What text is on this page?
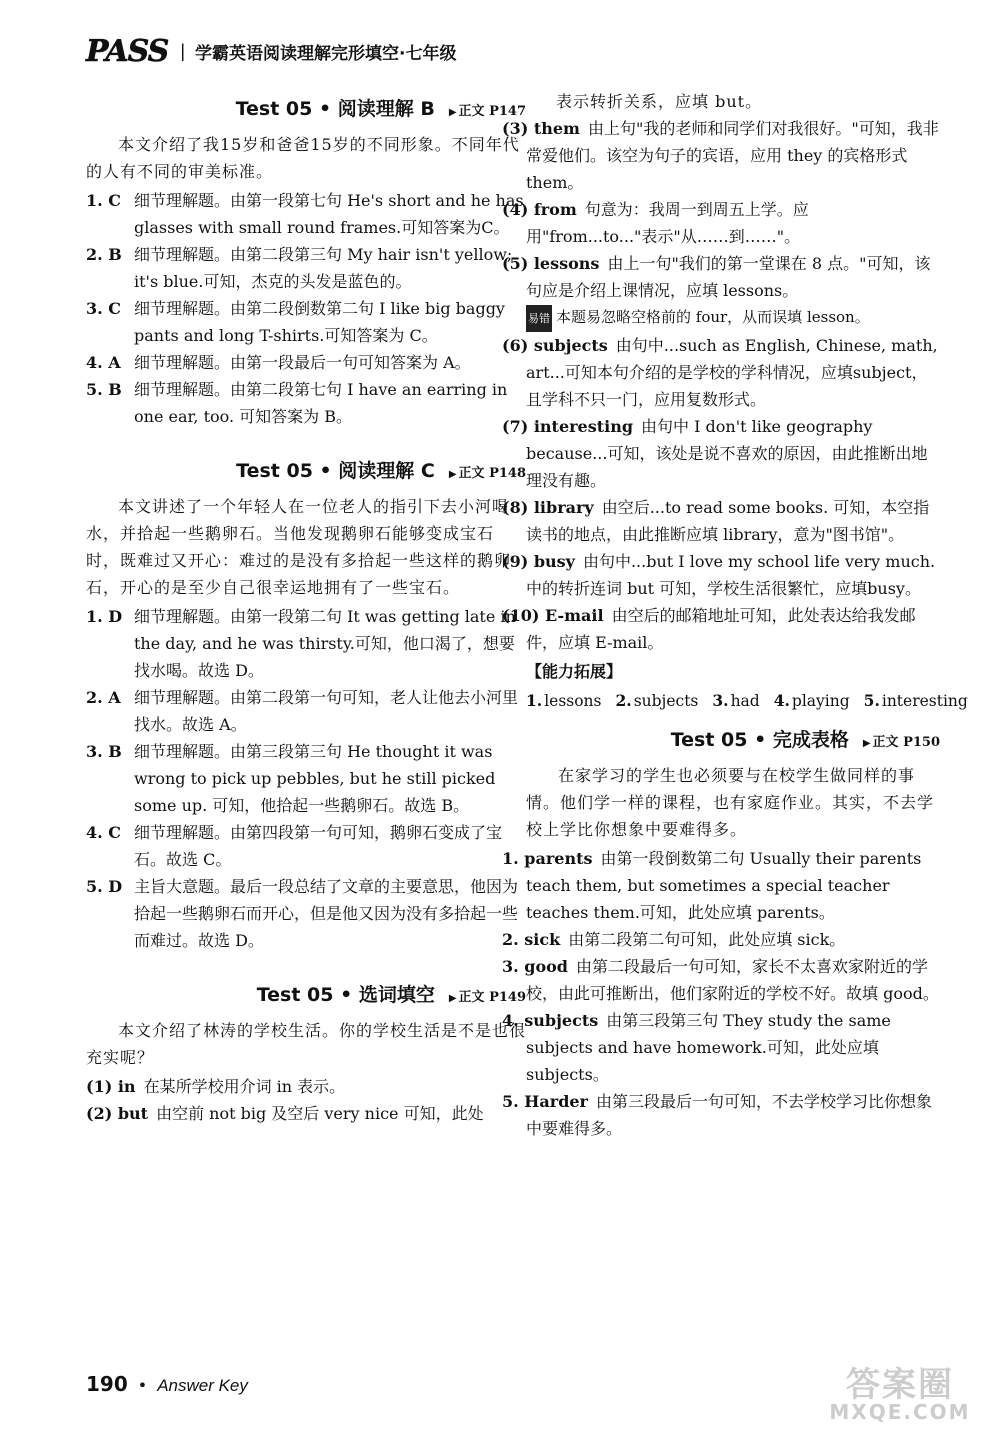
PASS | 学霸英语阅读理解完形填空·七年级
Test 05 • 阅读理解 B ▶ 正文 P147

本文介绍了我15岁和爸爸15岁的不同形象。不同年代的人有不同的审美标准。

1. C 细节理解题。由第一段第七句 He's short and he has glasses with small round frames.可知答案为C。
2. B 细节理解题。由第二段第三句 My hair isn't yellow; it's blue.可知，杰克的头发是蓝色的。
3. C 细节理解题。由第二段倒数第二句 I like big baggy pants and long T-shirts.可知答案为 C。
4. A 细节理解题。由第一段最后一句可知答案为 A。
5. B 细节理解题。由第二段第七句 I have an earring in one ear, too. 可知答案为 B。
Test 05 • 阅读理解 C ▶ 正文 P148

本文讲述了一个年轻人在一位老人的指引下去小河喝水，并拾起一些鹅卵石。当他发现鹅卵石能够变成宝石时，既难过又开心：难过的是没有多拾起一些这样的鹅卵石，开心的是至少自己很幸运地拥有了一些宝石。

1. D 细节理解题。由第一段第二句 It was getting late in the day, and he was thirsty.可知，他口渴了，想要找水喝。故选 D。
2. A 细节理解题。由第二段第一句可知，老人让他去小河里找水。故选 A。
3. B 细节理解题。由第三段第三句 He thought it was wrong to pick up pebbles, but he still picked some up. 可知，他拾起一些鹅卵石。故选 B。
4. C 细节理解题。由第四段第一句可知，鹅卵石变成了宝石。故选 C。
5. D 主旨大意题。最后一段总结了文章的主要意思，他因为拾起一些鹅卵石而开心，但是他又因为没有多拾起一些而难过。故选 D。
Test 05 • 选词填空 ▶ 正文 P149

本文介绍了林涛的学校生活。你的学校生活是不是也很充实呢？

(1) in 在某所学校用介词 in 表示。
(2) but 由空前 not big 及空后 very nice 可知，此处

表示转折关系，应填 but。

(3) them 由上句"我的老师和同学们对我很好。"可知，我非常爱他们。该空为句子的宾语，应用 they 的宾格形式 them。
(4) from 句意为：我周一到周五上学。应用"from...to..."表示"从……到……"。
(5) lessons 由上一句"我们的第一堂课在 8 点。"可知，该句应是介绍上课情况，应填 lessons。
易错 本题易忽略空格前的 four，从而误填 lesson。
(6) subjects 由句中...such as English, Chinese, math, art...可知本句介绍的是学校的学科情况，应填subject，且学科不只一门，应用复数形式。
(7) interesting 由句中 I don't like geography because...可知，该处是说不喜欢的原因，由此推断出地理没有趣。
(8) library 由空后...to read some books. 可知，本空指读书的地点，由此推断应填 library，意为"图书馆"。
(9) busy 由句中...but I love my school life very much. 中的转折连词 but 可知，学校生活很繁忙，应填busy。
(10) E-mail 由空后的邮箱地址可知，此处表达给我发邮件，应填 E-mail。
【能力拓展】
1. lessons 2. subjects 3. had 4. playing 5. interesting
Test 05 • 完成表格 ▶ 正文 P150

在家学习的学生也必须要与在校学生做同样的事情。他们学一样的课程，也有家庭作业。其实，不去学校上学比你想象中要难得多。

1. parents 由第一段倒数第二句 Usually their parents teach them, but sometimes a special teacher teaches them.可知，此处应填 parents。
2. sick 由第二段第二句可知，此处应填 sick。
3. good 由第二段最后一句可知，家长不太喜欢家附近的学校，由此可推断出，他们家附近的学校不好。故填 good。
4. subjects 由第三段第三句 They study the same subjects and have homework.可知，此处应填 subjects。
5. Harder 由第三段最后一句可知，不去学校学习比你想象中要难得多。
190 • Answer Key	答案圈
MXQE.COM
